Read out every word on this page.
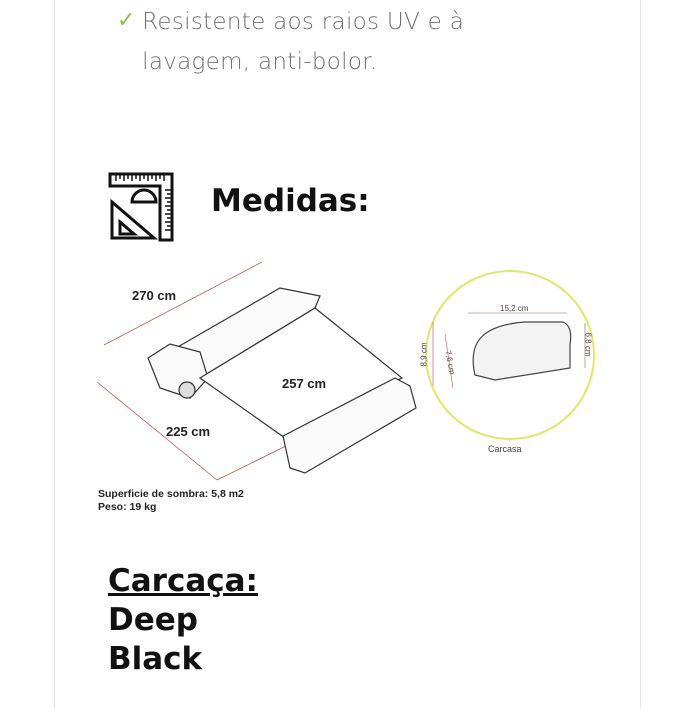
✓ Resistente aos raios UV e à lavagem, anti-bolor.
Medidas:
270 cm
257 cm
225 cm
Superficie de sombra: 5,8 m2
Peso: 19 kg
15,2 cm
8,9 cm 7,6 cm
6,8 cm
Carcasa
Carcaça:
Deep
Black
